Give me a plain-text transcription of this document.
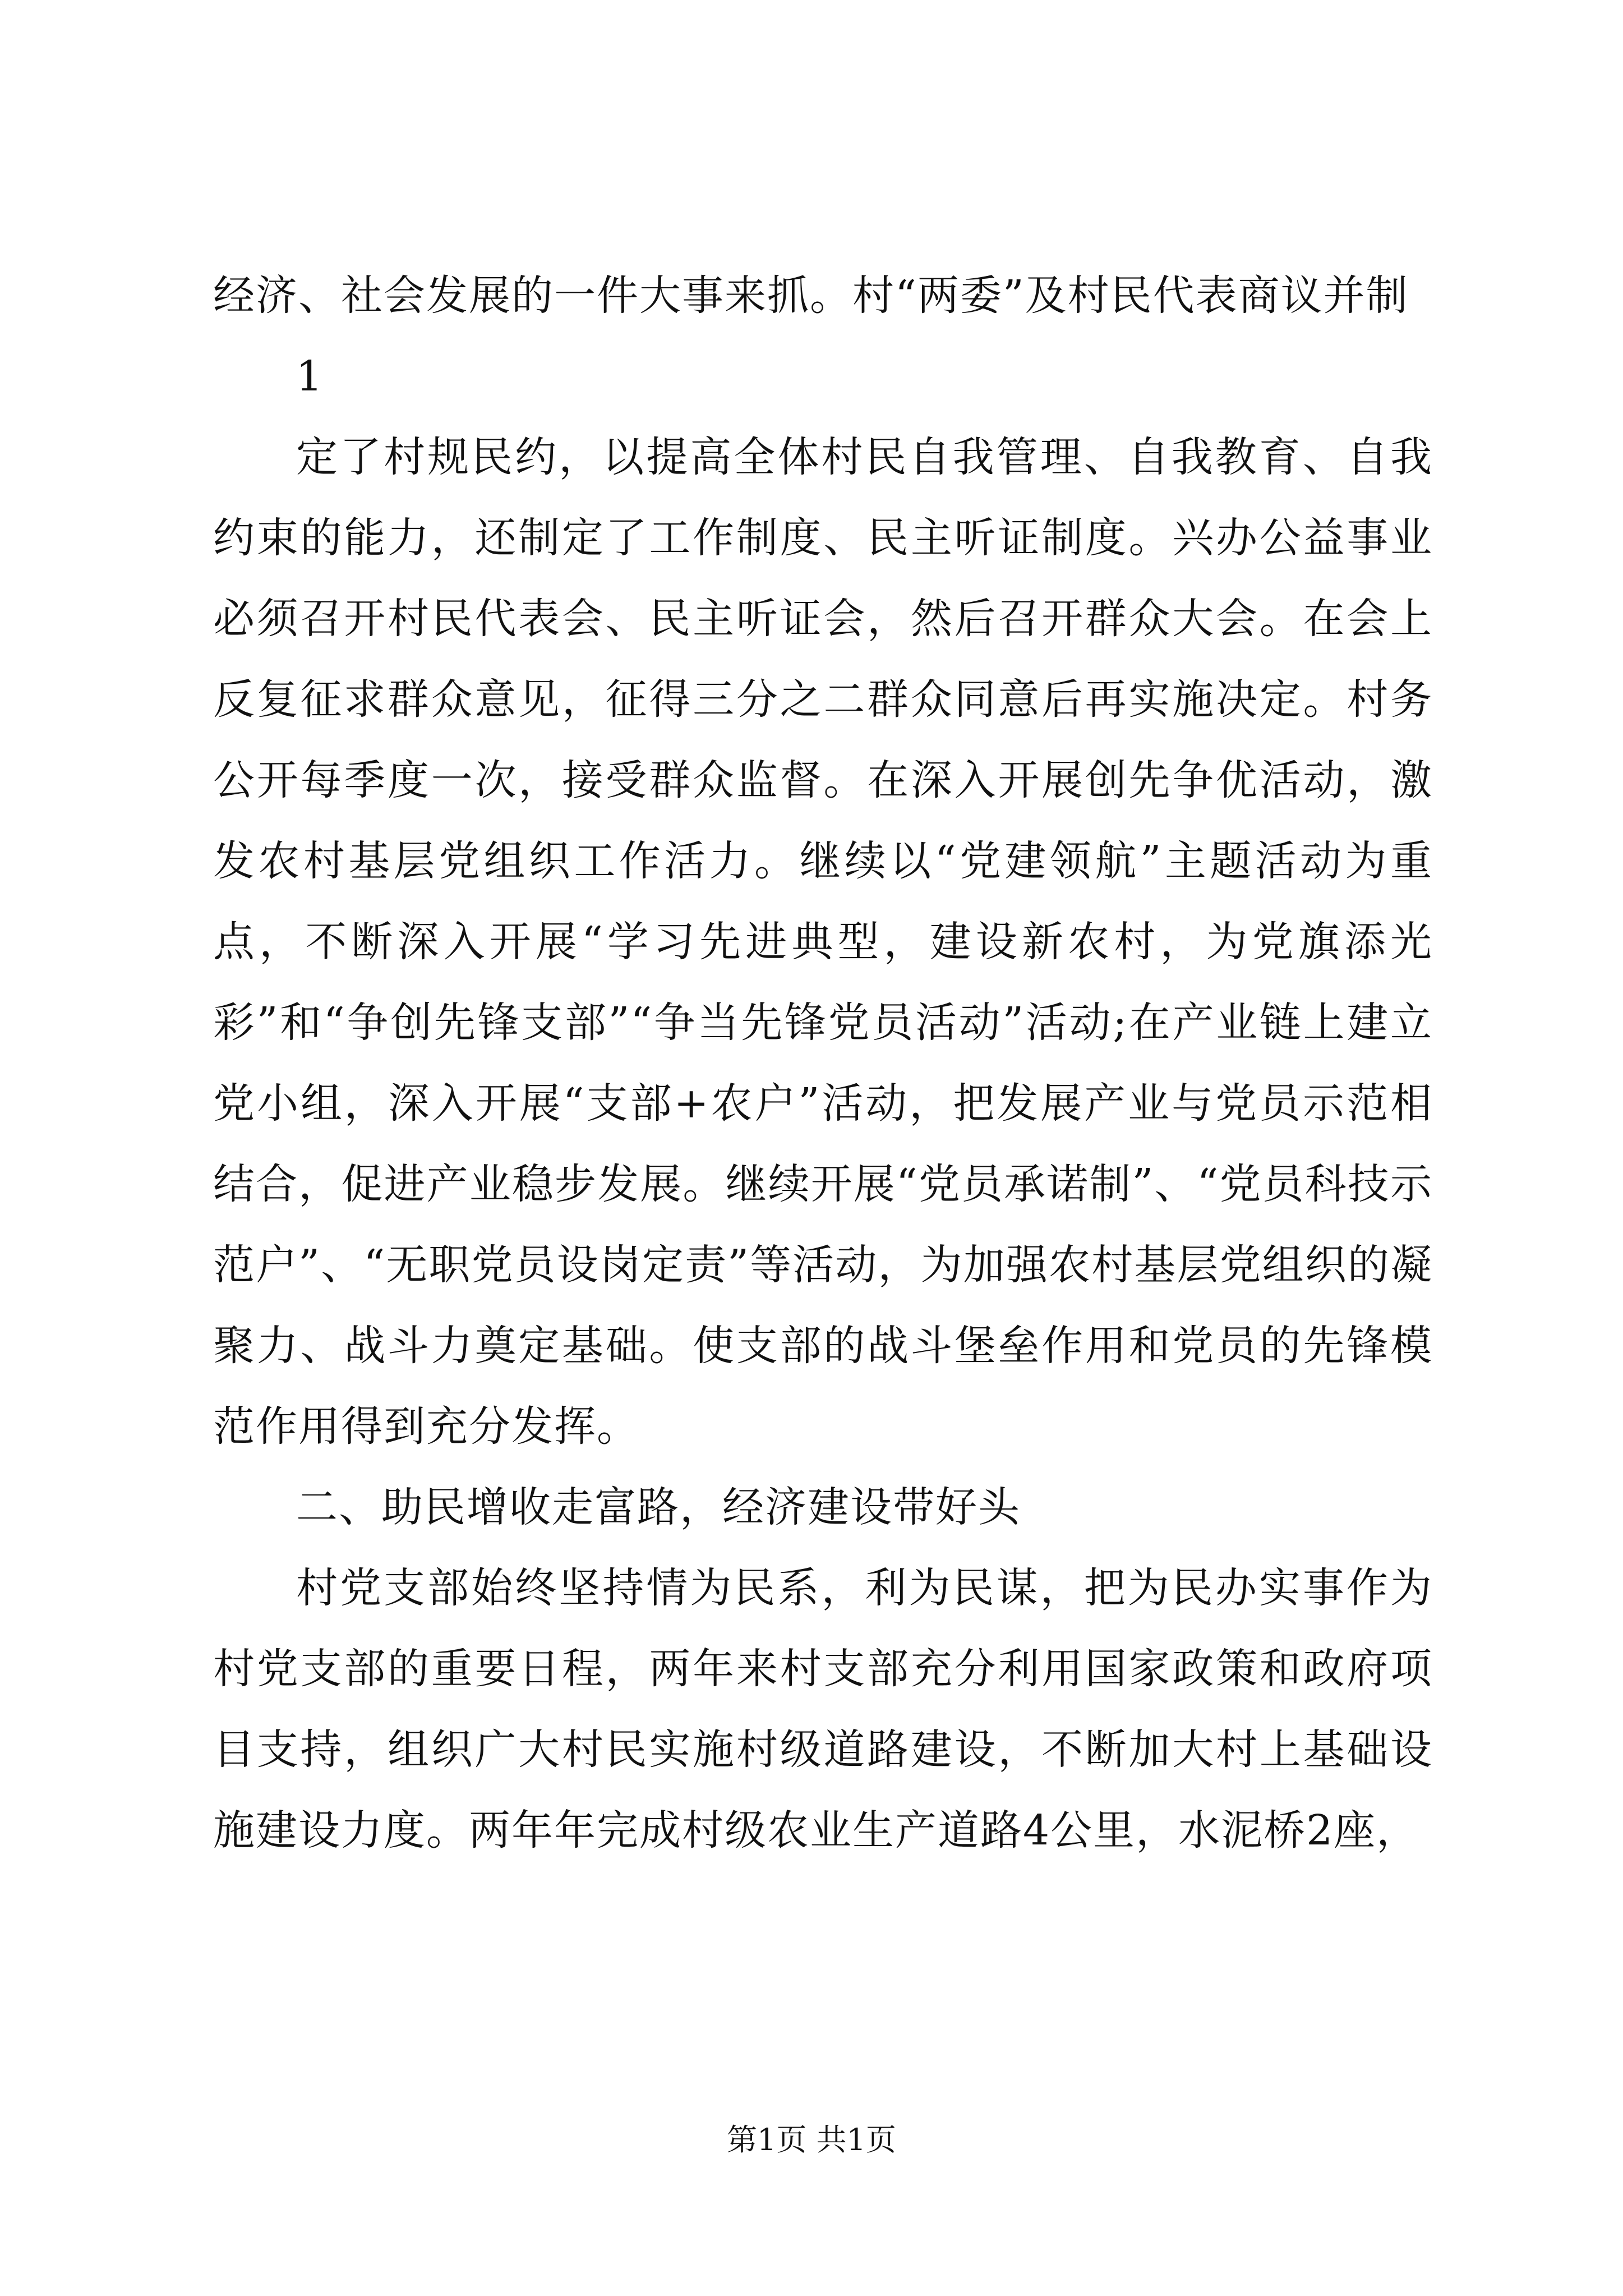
经济、社会发展的一件大事来抓。村“两委”及村民代表商议并制

1

定了村规民约，以提高全体村民自我管理、自我教育、自我约束的能力，还制定了工作制度、民主听证制度。兴办公益事业必须召开村民代表会、民主听证会，然后召开群众大会。在会上反复征求群众意见，征得三分之二群众同意后再实施决定。村务公开每季度一次，接受群众监督。在深入开展创先争优活动，激发农村基层党组织工作活力。继续以“党建领航”主题活动为重点，不断深入开展“学习先进典型，建设新农村，为党旗添光彩”和“争创先锋支部”“争当先锋党员活动”活动;在产业链上建立党小组，深入开展“支部+农户”活动，把发展产业与党员示范相结合，促进产业稳步发展。继续开展“党员承诺制”、“党员科技示范户”、“无职党员设岗定责”等活动，为加强农村基层党组织的凝聚力、战斗力奠定基础。使支部的战斗堡垒作用和党员的先锋模范作用得到充分发挥。

二、助民增收走富路，经济建设带好头

村党支部始终坚持情为民系，利为民谋，把为民办实事作为村党支部的重要日程，两年来村支部充分利用国家政策和政府项目支持，组织广大村民实施村级道路建设，不断加大村上基础设施建设力度。两年年完成村级农业生产道路4公里，水泥桥2座，

第1页 共1页
